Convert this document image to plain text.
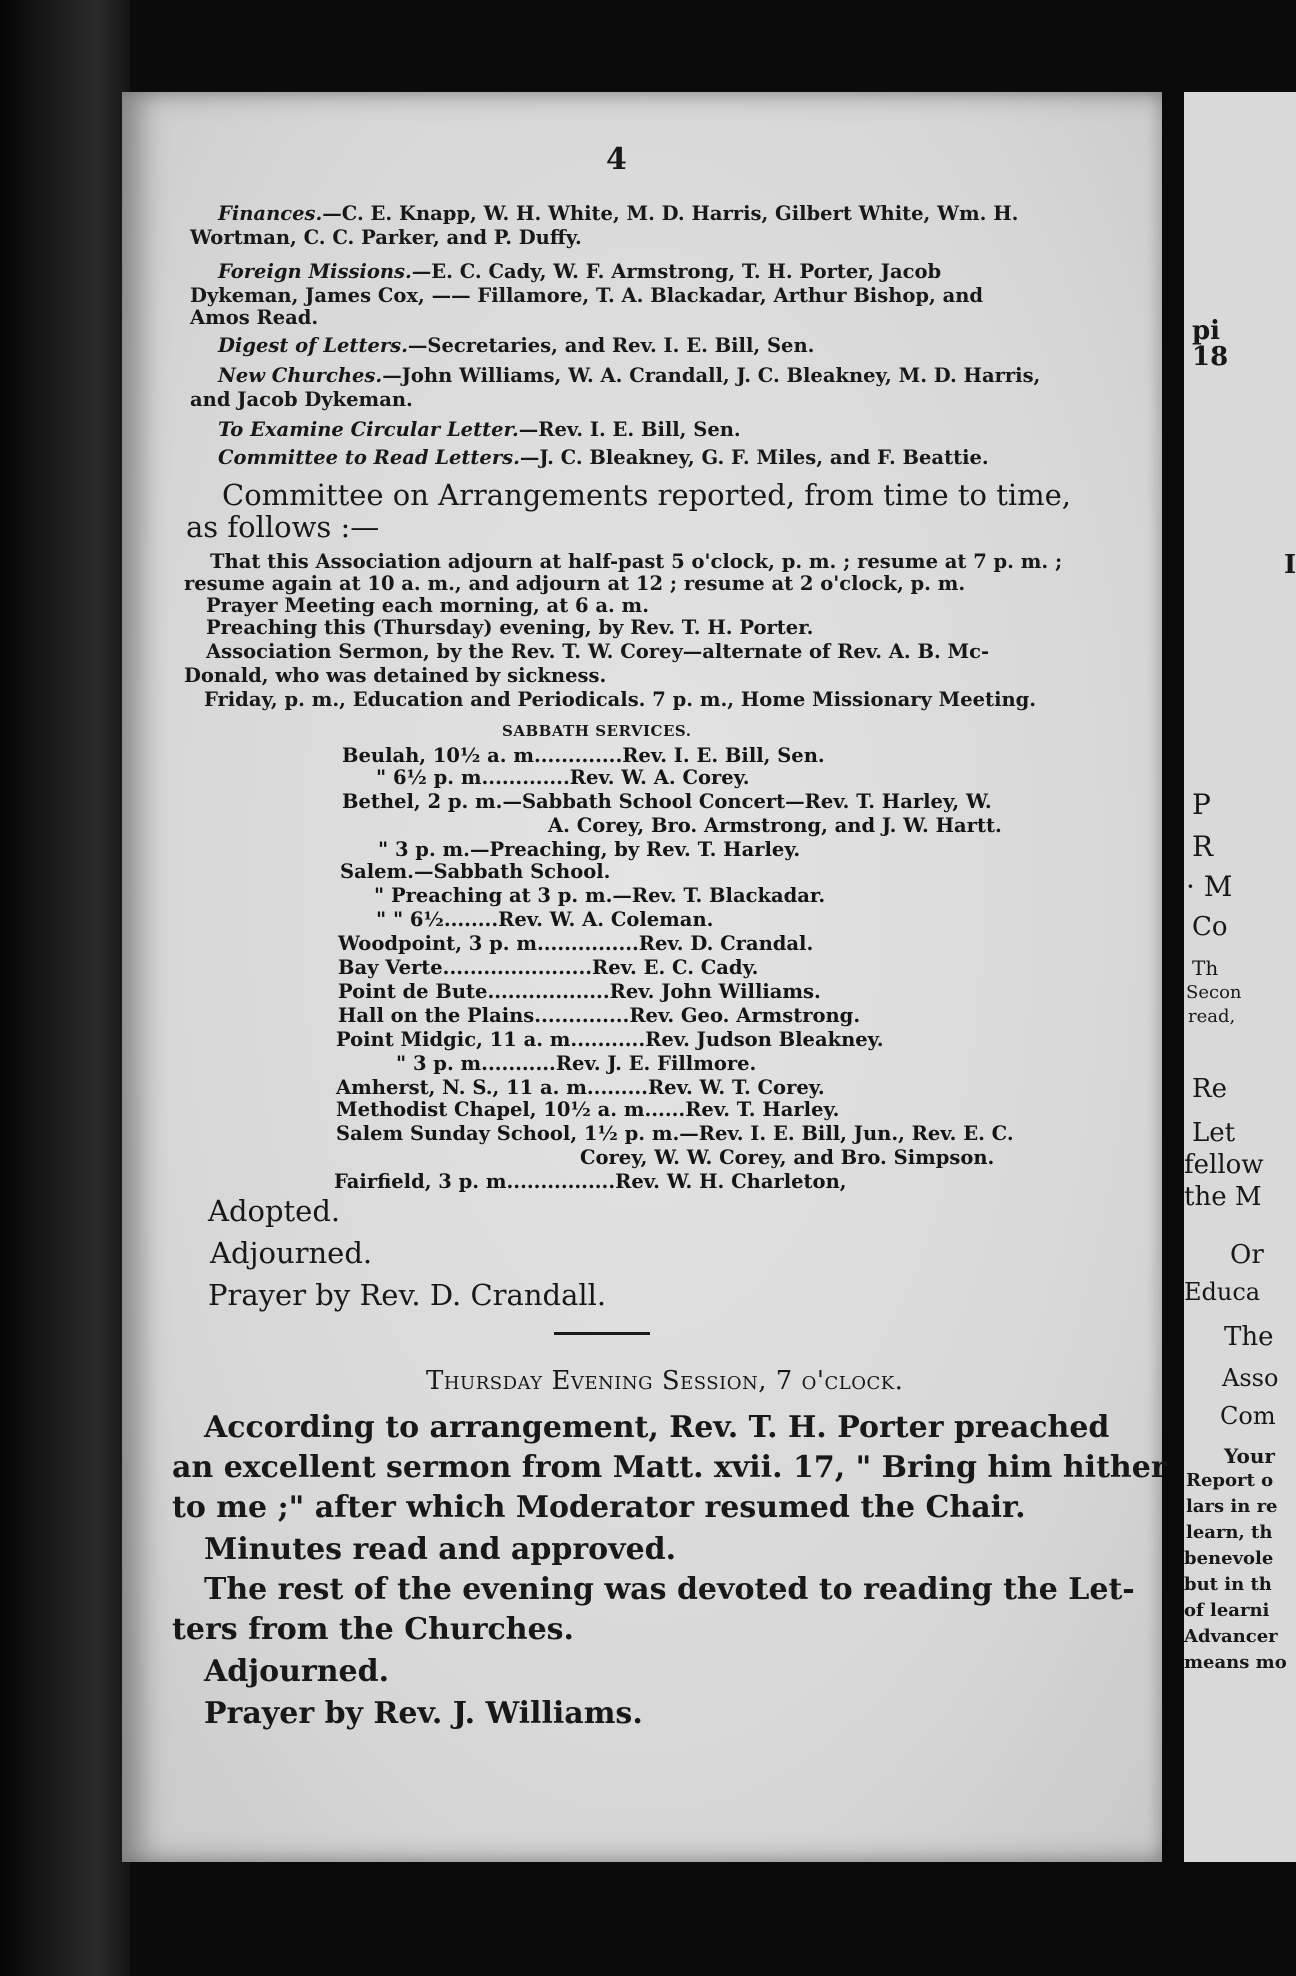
pi
18
I
P
R
· M
Co
Th
Secon
read,
Re
Let
fellow
the M
Or
Educa
The
Asso
Com
Your
Report o
lars in re
learn, th
benevole
but in th
of learni
Advancer
means mo
4
Finances.—C. E. Knapp, W. H. White, M. D. Harris, Gilbert White, Wm. H.
Wortman, C. C. Parker, and P. Duffy.
Foreign Missions.—E. C. Cady, W. F. Armstrong, T. H. Porter, Jacob
Dykeman, James Cox, —— Fillamore, T. A. Blackadar, Arthur Bishop, and
Amos Read.
Digest of Letters.—Secretaries, and Rev. I. E. Bill, Sen.
New Churches.—John Williams, W. A. Crandall, J. C. Bleakney, M. D. Harris,
and Jacob Dykeman.
To Examine Circular Letter.—Rev. I. E. Bill, Sen.
Committee to Read Letters.—J. C. Bleakney, G. F. Miles, and F. Beattie.
Committee on Arrangements reported, from time to time,
as follows :—
That this Association adjourn at half-past 5 o'clock, p. m. ; resume at 7 p. m. ;
resume again at 10 a. m., and adjourn at 12 ; resume at 2 o'clock, p. m.
Prayer Meeting each morning, at 6 a. m.
Preaching this (Thursday) evening, by Rev. T. H. Porter.
Association Sermon, by the Rev. T. W. Corey—alternate of Rev. A. B. Mc-
Donald, who was detained by sickness.
Friday, p. m., Education and Periodicals. 7 p. m., Home Missionary Meeting.
SABBATH SERVICES.
Beulah, 10½ a. m.............Rev. I. E. Bill, Sen.
" 6½ p. m.............Rev. W. A. Corey.
Bethel, 2 p. m.—Sabbath School Concert—Rev. T. Harley, W.
A. Corey, Bro. Armstrong, and J. W. Hartt.
" 3 p. m.—Preaching, by Rev. T. Harley.
Salem.—Sabbath School.
" Preaching at 3 p. m.—Rev. T. Blackadar.
" " 6½........Rev. W. A. Coleman.
Woodpoint, 3 p. m...............Rev. D. Crandal.
Bay Verte......................Rev. E. C. Cady.
Point de Bute..................Rev. John Williams.
Hall on the Plains..............Rev. Geo. Armstrong.
Point Midgic, 11 a. m...........Rev. Judson Bleakney.
" 3 p. m...........Rev. J. E. Fillmore.
Amherst, N. S., 11 a. m.........Rev. W. T. Corey.
Methodist Chapel, 10½ a. m......Rev. T. Harley.
Salem Sunday School, 1½ p. m.—Rev. I. E. Bill, Jun., Rev. E. C.
Corey, W. W. Corey, and Bro. Simpson.
Fairfield, 3 p. m................Rev. W. H. Charleton,
Adopted.
Adjourned.
Prayer by Rev. D. Crandall.
Thursday Evening Session, 7 o'clock.
According to arrangement, Rev. T. H. Porter preached
an excellent sermon from Matt. xvii. 17, " Bring him hither
to me ;" after which Moderator resumed the Chair.
Minutes read and approved.
The rest of the evening was devoted to reading the Let-
ters from the Churches.
Adjourned.
Prayer by Rev. J. Williams.
